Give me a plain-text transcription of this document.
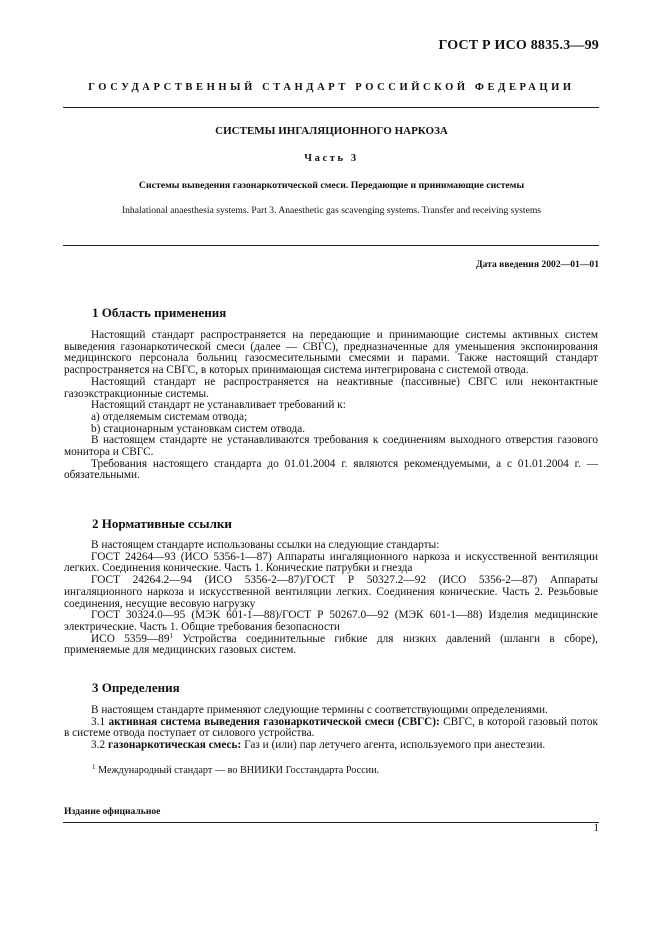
ГОСТ Р ИСО 8835.3—99
ГОСУДАРСТВЕННЫЙ СТАНДАРТ РОССИЙСКОЙ ФЕДЕРАЦИИ
СИСТЕМЫ ИНГАЛЯЦИОННОГО НАРКОЗА
Часть 3
Системы выведения газонаркотической смеси. Передающие и принимающие системы
Inhalational anaesthesia systems. Part 3. Anaesthetic gas scavenging systems. Transfer and receiving systems
Дата введения 2002—01—01
1 Область применения

Настоящий стандарт распространяется на передающие и принимающие системы активных систем выведения газонаркотической смеси (далее — СВГС), предназначенные для уменьшения экспонирования медицинского персонала больниц газосмесительными смесями и парами. Также настоящий стандарт распространяется на СВГС, в которых принимающая система интегрирована с системой отвода.

Настоящий стандарт не распространяется на неактивные (пассивные) СВГС или неконтактные газоэкстракционные системы.

Настоящий стандарт не устанавливает требований к:

a) отделяемым системам отвода;

b) стационарным установкам систем отвода.

В настоящем стандарте не устанавливаются требования к соединениям выходного отверстия газового монитора и СВГС.

Требования настоящего стандарта до 01.01.2004 г. являются рекомендуемыми, а с 01.01.2004 г. — обязательными.

2 Нормативные ссылки

В настоящем стандарте использованы ссылки на следующие стандарты:

ГОСТ 24264—93 (ИСО 5356-1—87) Аппараты ингаляционного наркоза и искусственной вентиляции легких. Соединения конические. Часть 1. Конические патрубки и гнезда

ГОСТ 24264.2—94 (ИСО 5356-2—87)/ГОСТ Р 50327.2—92 (ИСО 5356-2—87) Аппараты ингаляционного наркоза и искусственной вентиляции легких. Соединения конические. Часть 2. Резьбовые соединения, несущие весовую нагрузку

ГОСТ 30324.0—95 (МЭК 601-1—88)/ГОСТ Р 50267.0—92 (МЭК 601-1—88) Изделия медицинские электрические. Часть 1. Общие требования безопасности

ИСО $5359—89^1$ Устройства соединительные гибкие для низких давлений (шланги в сборе), применяемые для медицинских газовых систем.

3 Определения

В настоящем стандарте применяют следующие термины с соответствующими определениями.

3.1 активная система выведения газонаркотической смеси (СВГС): СВГС, в которой газовый поток в системе отвода поступает от силового устройства.

3.2 газонаркотическая смесь: Газ и (или) пар летучего агента, используемого при анестезии.

$^1$ Международный стандарт — во ВНИИКИ Госстандарта России.
Издание официальное
1
